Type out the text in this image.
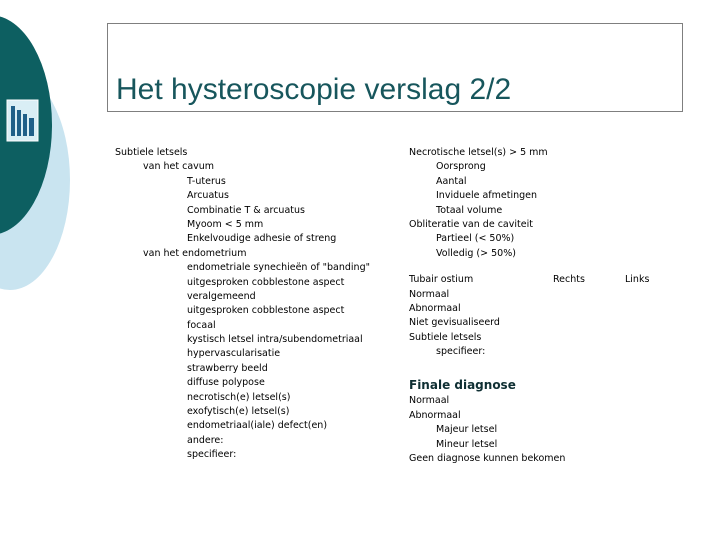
Het hysteroscopie verslag 2/2
Subtiele letsels
van het cavum
T-uterus
Arcuatus
Combinatie T & arcuatus
Myoom < 5 mm
Enkelvoudige adhesie of streng
van het endometrium
endometriale synechieën of "banding"
uitgesproken cobblestone aspect
veralgemeend
uitgesproken cobblestone aspect
focaal
kystisch letsel intra/subendometriaal
hypervascularisatie
strawberry beeld
diffuse polypose
necrotisch(e) letsel(s)
exofytisch(e) letsel(s)
endometriaal(iale) defect(en)
andere:
specifieer:
Necrotische letsel(s) > 5 mm
Oorsprong
Aantal
Inviduele afmetingen
Totaal volume
Obliteratie van de caviteit
Partieel (< 50%)
Volledig (> 50%)
Tubair ostium	Rechts	Links
Normaal
Abnormaal
Niet gevisualiseerd
Subtiele letsels
specifieer:
Finale diagnose
Normaal
Abnormaal
Majeur letsel
Mineur letsel
Geen diagnose kunnen bekomen
